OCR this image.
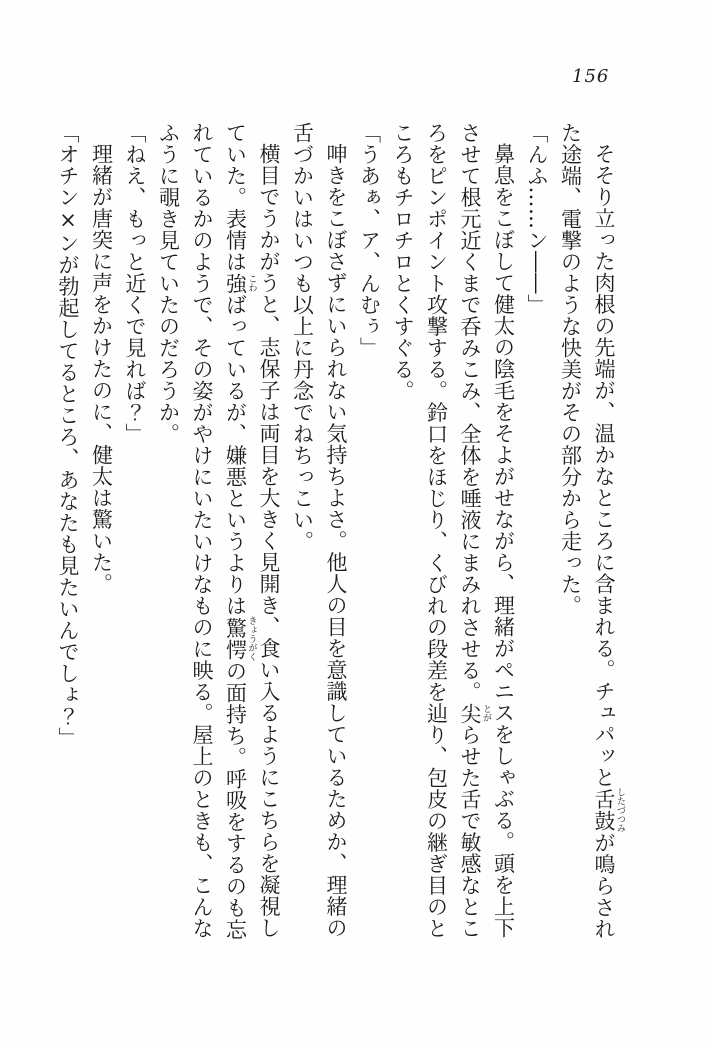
156

そそり立った肉根の先端が、温かなところに含まれる。チュパッと舌鼓 したづつみが鳴らされた途端、電撃のような快美がその部分から走った。

「んふ……ン――」

鼻息をこぼして健太の陰毛をそよがせながら、理緒がペニスをしゃぶる。頭を上下させて根元近くまで呑みこみ、全体を唾液にまみれさせる。尖 とがらせた舌で敏感なところをピンポイント攻撃する。鈴口をほじり、くびれの段差を辿り、包皮の継ぎ目のところもチロチロとくすぐる。

「うあぁ、ア、んむぅ」

呻きをこぼさずにいられない気持ちよさ。他人の目を意識しているためか、理緒の舌づかいはいつも以上に丹念でねちっこい。

横目でうかがうと、志保子は両目を大きく見開き、食い入るようにこちらを凝視していた。表情は強 こわばっているが、嫌悪というよりは驚愕 きょうがくの面持ち。呼吸をするのも忘れているかのようで、その姿がやけにいたいけなものに映る。屋上のときも、こんなふうに覗き見ていたのだろうか。

「ねえ、もっと近くで見れば？」

理緒が唐突に声をかけたのに、健太は驚いた。

「オチン×ンが勃起してるところ、あなたも見たいんでしょ？」
